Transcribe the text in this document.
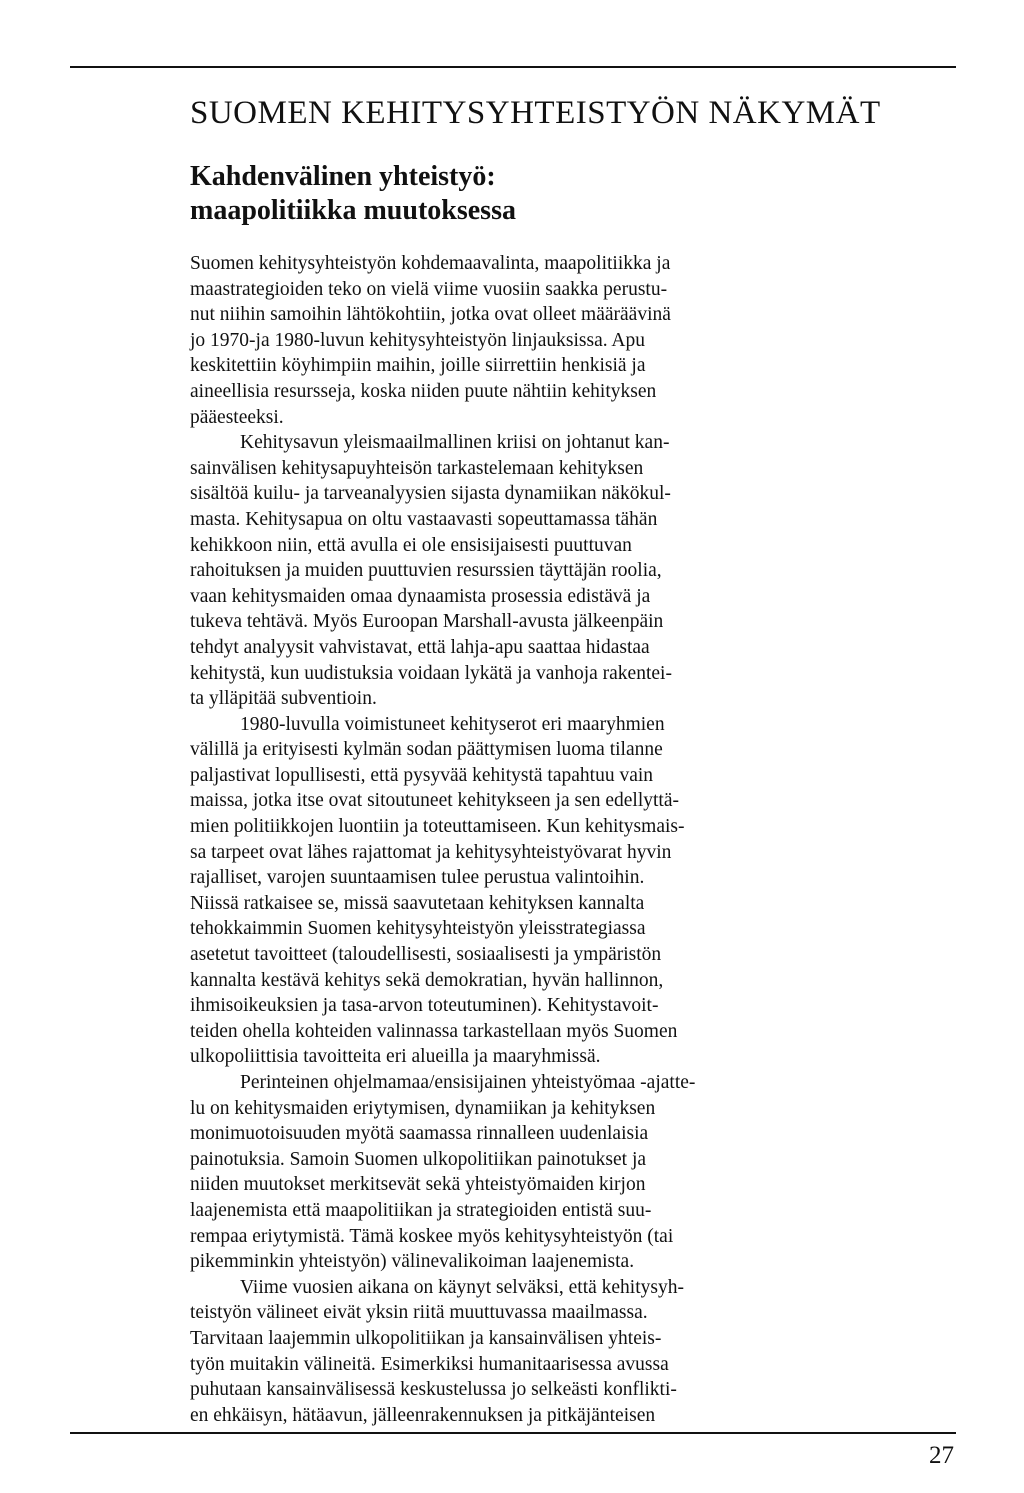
SUOMEN KEHITYSYHTEISTYÖN NÄKYMÄT
Kahdenvälinen yhteistyö:
maapolitiikka muutoksessa
Suomen kehitysyhteistyön kohdemaavalinta, maapolitiikka ja
maastrategioiden teko on vielä viime vuosiin saakka perustu-
nut niihin samoihin lähtökohtiin, jotka ovat olleet määräävinä
jo 1970-ja 1980-luvun kehitysyhteistyön linjauksissa. Apu
keskitettiin köyhimpiin maihin, joille siirrettiin henkisiä ja
aineellisia resursseja, koska niiden puute nähtiin kehityksen
pääesteeksi.
Kehitysavun yleismaailmallinen kriisi on johtanut kan-
sainvälisen kehitysapuyhteisön tarkastelemaan kehityksen
sisältöä kuilu- ja tarveanalyysien sijasta dynamiikan näkökul-
masta. Kehitysapua on oltu vastaavasti sopeuttamassa tähän
kehikkoon niin, että avulla ei ole ensisijaisesti puuttuvan
rahoituksen ja muiden puuttuvien resurssien täyttäjän roolia,
vaan kehitysmaiden omaa dynaamista prosessia edistävä ja
tukeva tehtävä. Myös Euroopan Marshall-avusta jälkeenpäin
tehdyt analyysit vahvistavat, että lahja-apu saattaa hidastaa
kehitystä, kun uudistuksia voidaan lykätä ja vanhoja rakentei-
ta ylläpitää subventioin.
1980-luvulla voimistuneet kehityserot eri maaryhmien
välillä ja erityisesti kylmän sodan päättymisen luoma tilanne
paljastivat lopullisesti, että pysyvää kehitystä tapahtuu vain
maissa, jotka itse ovat sitoutuneet kehitykseen ja sen edellyttä-
mien politiikkojen luontiin ja toteuttamiseen. Kun kehitysmais-
sa tarpeet ovat lähes rajattomat ja kehitysyhteistyövarat hyvin
rajalliset, varojen suuntaamisen tulee perustua valintoihin.
Niissä ratkaisee se, missä saavutetaan kehityksen kannalta
tehokkaimmin Suomen kehitysyhteistyön yleisstrategiassa
asetetut tavoitteet (taloudellisesti, sosiaalisesti ja ympäristön
kannalta kestävä kehitys sekä demokratian, hyvän hallinnon,
ihmisoikeuksien ja tasa-arvon toteutuminen). Kehitystavoit-
teiden ohella kohteiden valinnassa tarkastellaan myös Suomen
ulkopoliittisia tavoitteita eri alueilla ja maaryhmissä.
Perinteinen ohjelmamaa/ensisijainen yhteistyömaa -ajatte-
lu on kehitysmaiden eriytymisen, dynamiikan ja kehityksen
monimuotoisuuden myötä saamassa rinnalleen uudenlaisia
painotuksia. Samoin Suomen ulkopolitiikan painotukset ja
niiden muutokset merkitsevät sekä yhteistyömaiden kirjon
laajenemista että maapolitiikan ja strategioiden entistä suu-
rempaa eriytymistä. Tämä koskee myös kehitysyhteistyön (tai
pikemminkin yhteistyön) välinevalikoiman laajenemista.
Viime vuosien aikana on käynyt selväksi, että kehitysyh-
teistyön välineet eivät yksin riitä muuttuvassa maailmassa.
Tarvitaan laajemmin ulkopolitiikan ja kansainvälisen yhteis-
työn muitakin välineitä. Esimerkiksi humanitaarisessa avussa
puhutaan kansainvälisessä keskustelussa jo selkeästi konflikti-
en ehkäisyn, hätäavun, jälleenrakennuksen ja pitkäjänteisen

27
